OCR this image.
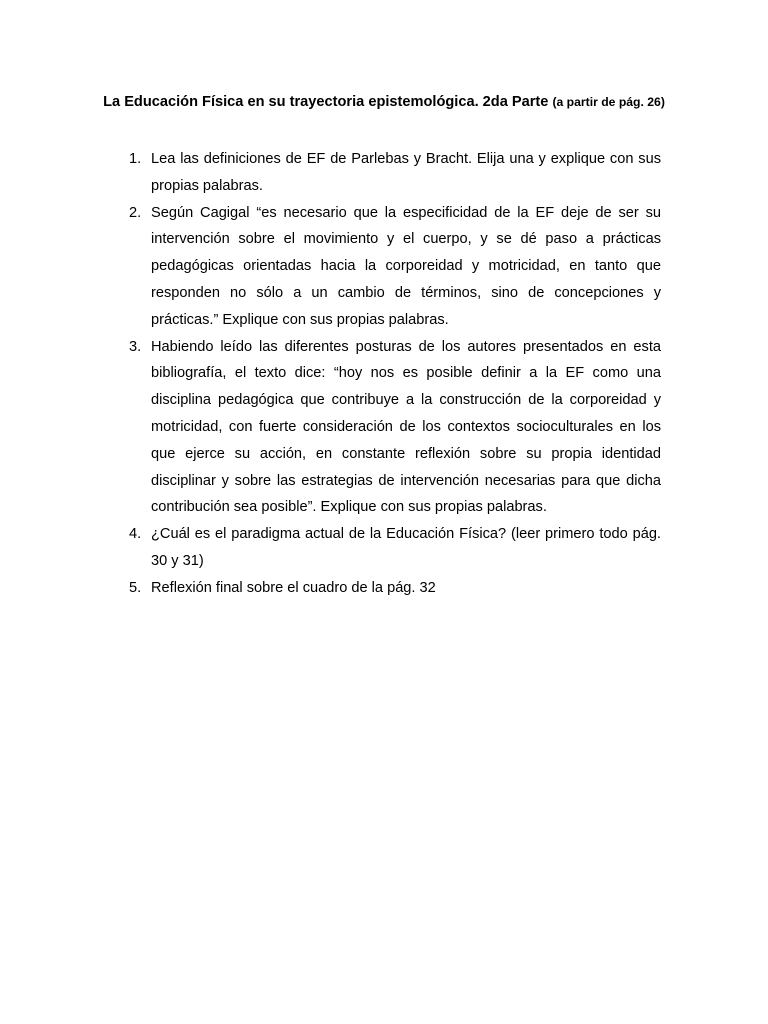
La Educación Física en su trayectoria epistemológica. 2da Parte (a partir de pág. 26)
1. Lea las definiciones de EF de Parlebas y Bracht. Elija una y explique con sus propias palabras.
2. Según Cagigal “es necesario que la especificidad de la EF deje de ser su intervención sobre el movimiento y el cuerpo, y se dé paso a prácticas pedagógicas orientadas hacia la corporeidad y motricidad, en tanto que responden no sólo a un cambio de términos, sino de concepciones y prácticas.” Explique con sus propias palabras.
3. Habiendo leído las diferentes posturas de los autores presentados en esta bibliografía, el texto dice: “hoy nos es posible definir a la EF como una disciplina pedagógica que contribuye a la construcción de la corporeidad y motricidad, con fuerte consideración de los contextos socioculturales en los que ejerce su acción, en constante reflexión sobre su propia identidad disciplinar y sobre las estrategias de intervención necesarias para que dicha contribución sea posible”. Explique con sus propias palabras.
4. ¿Cuál es el paradigma actual de la Educación Física? (leer primero todo pág. 30 y 31)
5. Reflexión final sobre el cuadro de la pág. 32
